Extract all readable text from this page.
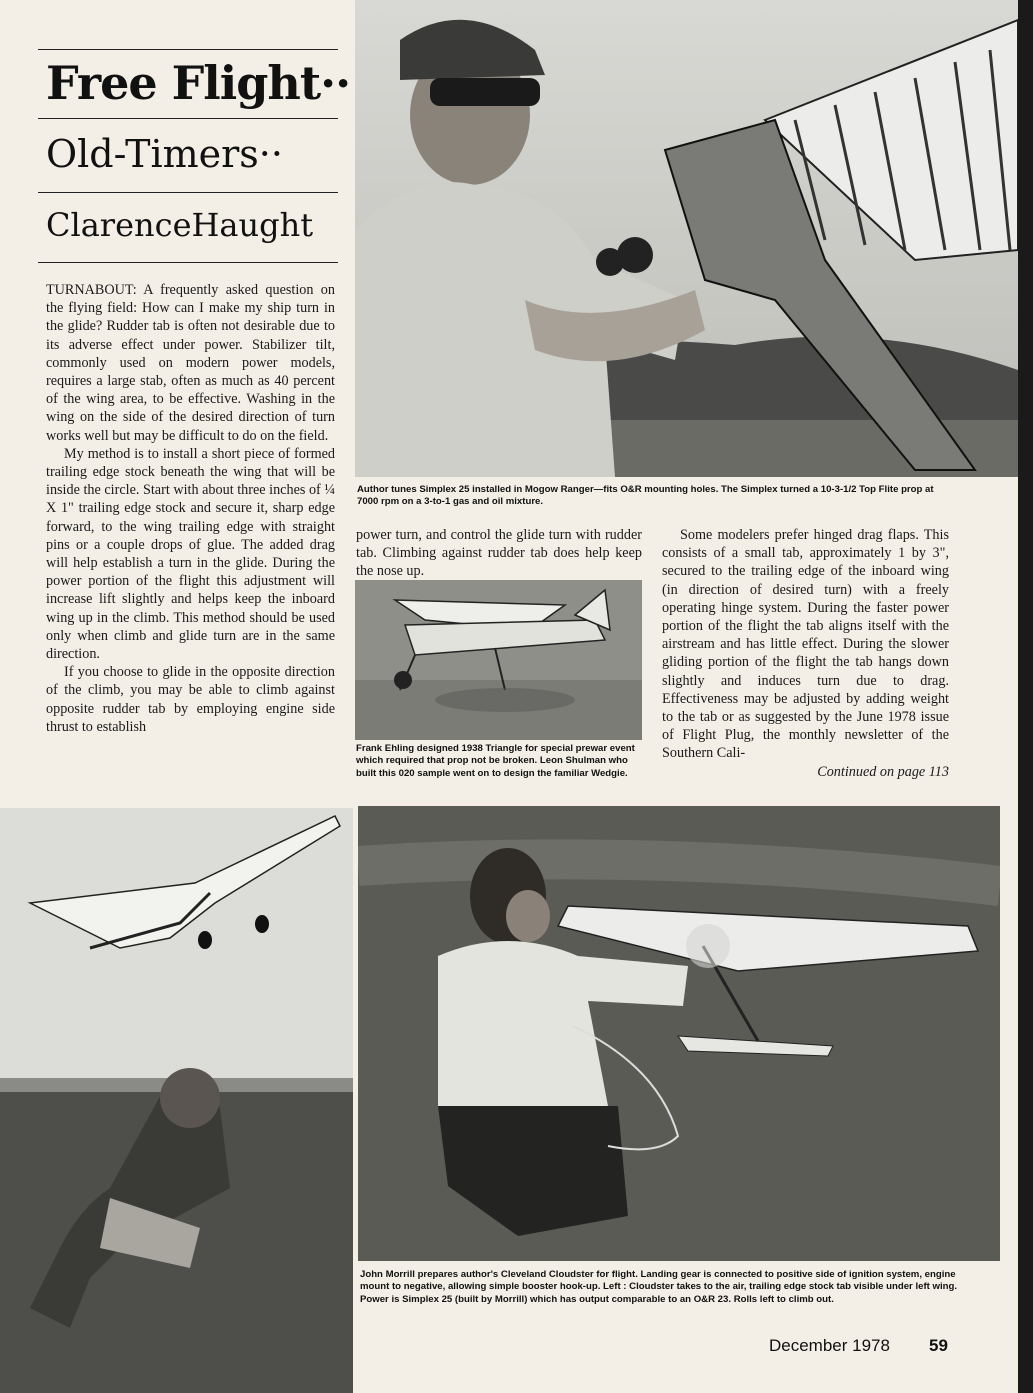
Free Flight··
Old-Timers··
ClarenceHaught
Author tunes Simplex 25 installed in Mogow Ranger—fits O&R mounting holes. The Simplex turned a 10-3-1/2 Top Flite prop at 7000 rpm on a 3-to-1 gas and oil mixture.

TURNABOUT: A frequently asked question on the flying field: How can I make my ship turn in the glide? Rudder tab is often not desirable due to its adverse effect under power. Stabilizer tilt, commonly used on modern power models, requires a large stab, often as much as 40 percent of the wing area, to be effective. Washing in the wing on the side of the desired direction of turn works well but may be difficult to do on the field.

My method is to install a short piece of formed trailing edge stock beneath the wing that will be inside the circle. Start with about three inches of ¼ X 1" trailing edge stock and secure it, sharp edge forward, to the wing trailing edge with straight pins or a couple drops of glue. The added drag will help establish a turn in the glide. During the power portion of the flight this adjustment will increase lift slightly and helps keep the inboard wing up in the climb. This method should be used only when climb and glide turn are in the same direction.

If you choose to glide in the opposite direction of the climb, you may be able to climb against opposite rudder tab by employing engine side thrust to establish

power turn, and control the glide turn with rudder tab. Climbing against rudder tab does help keep the nose up.

Frank Ehling designed 1938 Triangle for special prewar event which required that prop not be broken. Leon Shulman who built this 020 sample went on to design the familiar Wedgie.

Some modelers prefer hinged drag flaps. This consists of a small tab, approximately 1 by 3", secured to the trailing edge of the inboard wing (in direction of desired turn) with a freely operating hinge system. During the faster power portion of the flight the tab aligns itself with the airstream and has little effect. During the slower gliding portion of the flight the tab hangs down slightly and induces turn due to drag. Effectiveness may be adjusted by adding weight to the tab or as suggested by the June 1978 issue of Flight Plug, the monthly newsletter of the Southern Cali-

Continued on page 113

John Morrill prepares author's Cleveland Cloudster for flight. Landing gear is connected to positive side of ignition system, engine mount to negative, allowing simple booster hook-up. Left : Cloudster takes to the air, trailing edge stock tab visible under left wing. Power is Simplex 25 (built by Morrill) which has output comparable to an O&R 23. Rolls left to climb out.
December 1978 59
